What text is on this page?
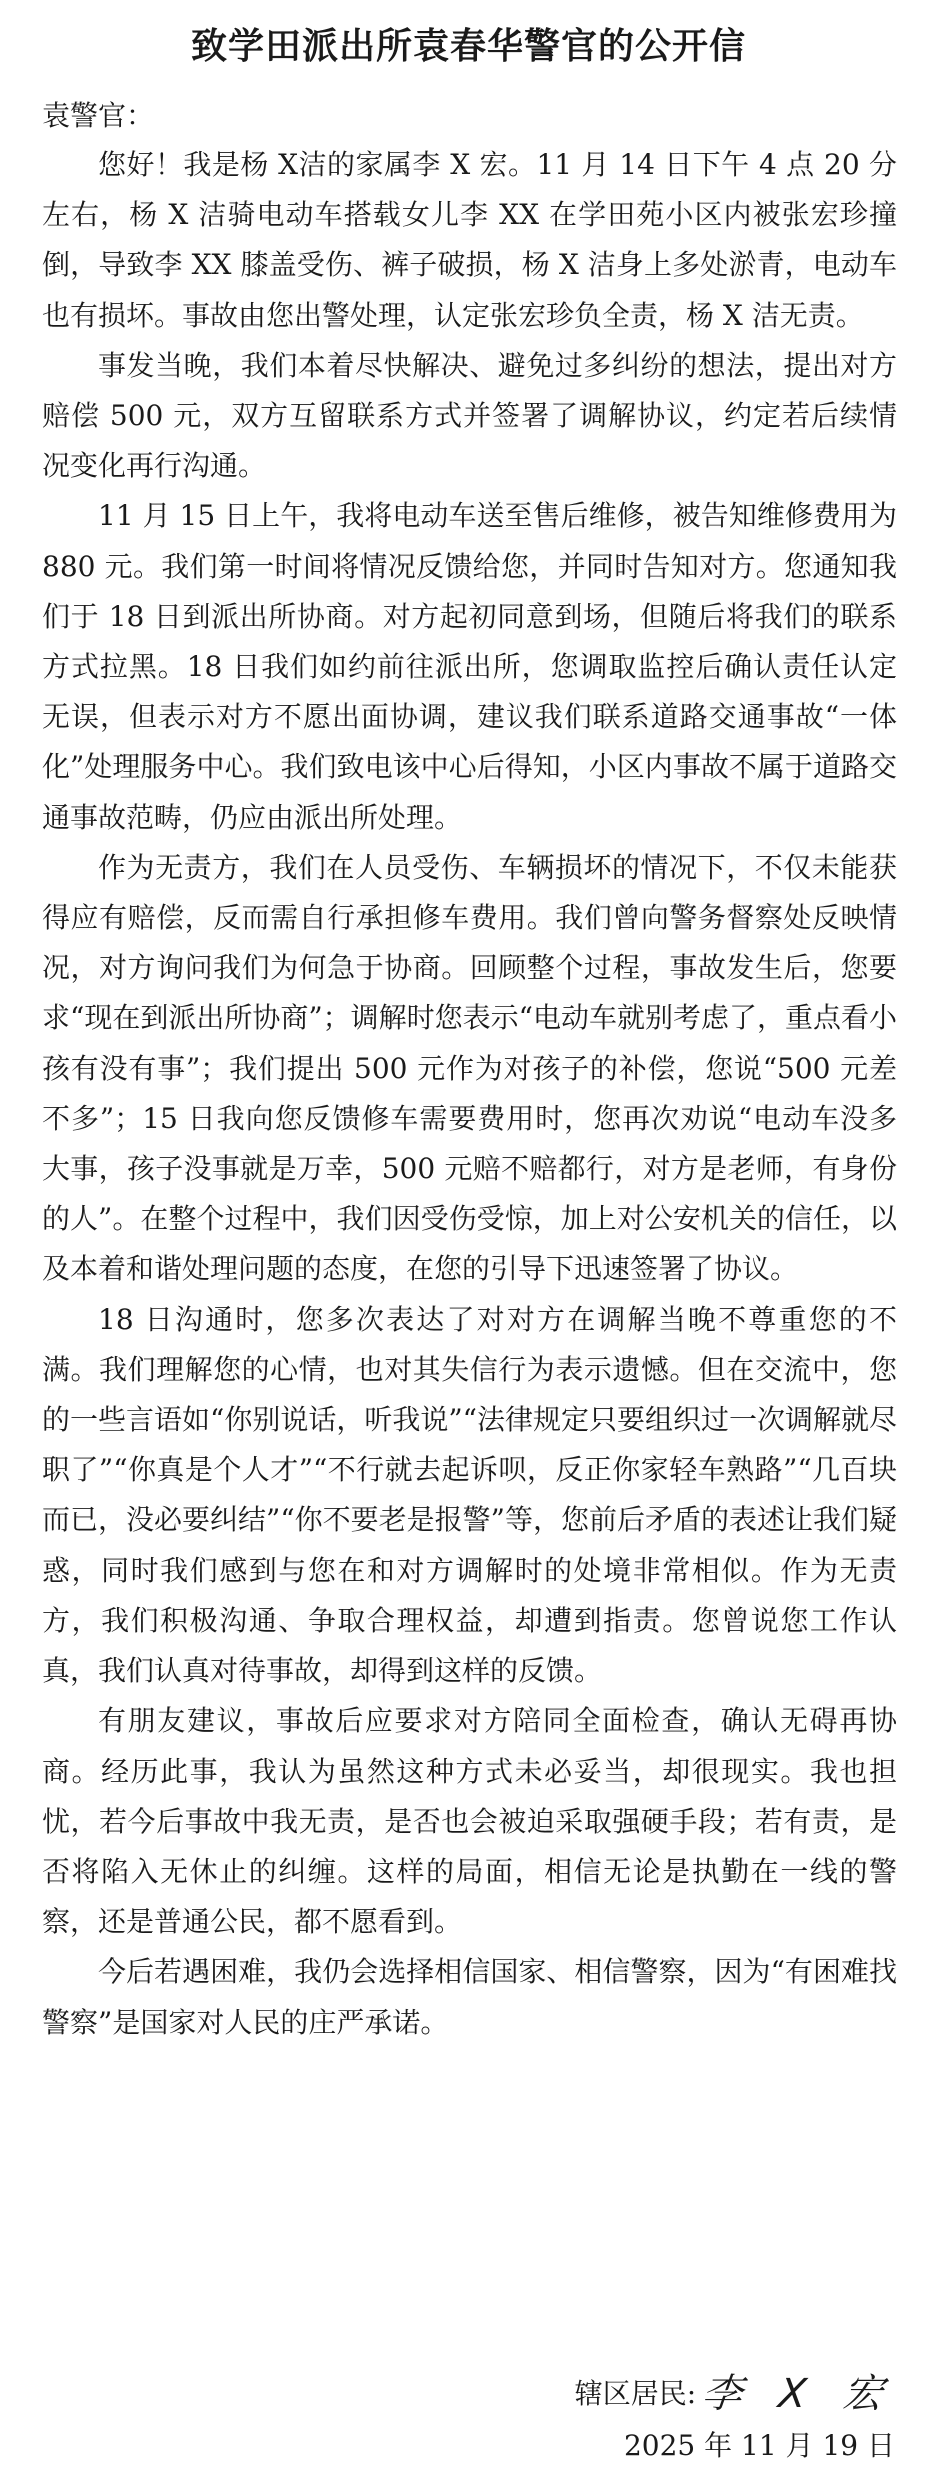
致学田派出所袁春华警官的公开信
袁警官：

您好！我是杨 X洁的家属李 X 宏。11 月 14 日下午 4 点 20 分左右，杨 X 洁骑电动车搭载女儿李 XX 在学田苑小区内被张宏珍撞倒，导致李 XX 膝盖受伤、裤子破损，杨 X 洁身上多处淤青，电动车也有损坏。事故由您出警处理，认定张宏珍负全责，杨 X 洁无责。

事发当晚，我们本着尽快解决、避免过多纠纷的想法，提出对方赔偿 500 元，双方互留联系方式并签署了调解协议，约定若后续情况变化再行沟通。

11 月 15 日上午，我将电动车送至售后维修，被告知维修费用为 880 元。我们第一时间将情况反馈给您，并同时告知对方。您通知我们于 18 日到派出所协商。对方起初同意到场，但随后将我们的联系方式拉黑。18 日我们如约前往派出所，您调取监控后确认责任认定无误，但表示对方不愿出面协调，建议我们联系道路交通事故“一体化”处理服务中心。我们致电该中心后得知，小区内事故不属于道路交通事故范畴，仍应由派出所处理。

作为无责方，我们在人员受伤、车辆损坏的情况下，不仅未能获得应有赔偿，反而需自行承担修车费用。我们曾向警务督察处反映情况，对方询问我们为何急于协商。回顾整个过程，事故发生后，您要求“现在到派出所协商”；调解时您表示“电动车就别考虑了，重点看小孩有没有事”；我们提出 500 元作为对孩子的补偿，您说“500 元差不多”；15 日我向您反馈修车需要费用时，您再次劝说“电动车没多大事，孩子没事就是万幸，500 元赔不赔都行，对方是老师，有身份的人”。在整个过程中，我们因受伤受惊，加上对公安机关的信任，以及本着和谐处理问题的态度，在您的引导下迅速签署了协议。

18 日沟通时，您多次表达了对对方在调解当晚不尊重您的不满。我们理解您的心情，也对其失信行为表示遗憾。但在交流中，您的一些言语如“你别说话，听我说”“法律规定只要组织过一次调解就尽职了”“你真是个人才”“不行就去起诉呗，反正你家轻车熟路”“几百块而已，没必要纠结”“你不要老是报警”等，您前后矛盾的表述让我们疑惑，同时我们感到与您在和对方调解时的处境非常相似。作为无责方，我们积极沟通、争取合理权益，却遭到指责。您曾说您工作认真，我们认真对待事故，却得到这样的反馈。

有朋友建议，事故后应要求对方陪同全面检查，确认无碍再协商。经历此事，我认为虽然这种方式未必妥当，却很现实。我也担忧，若今后事故中我无责，是否也会被迫采取强硬手段；若有责，是否将陷入无休止的纠缠。这样的局面，相信无论是执勤在一线的警察，还是普通公民，都不愿看到。

今后若遇困难，我仍会选择相信国家、相信警察，因为“有困难找警察”是国家对人民的庄严承诺。

辖区居民: 李 X 宏
2025 年 11 月 19 日
